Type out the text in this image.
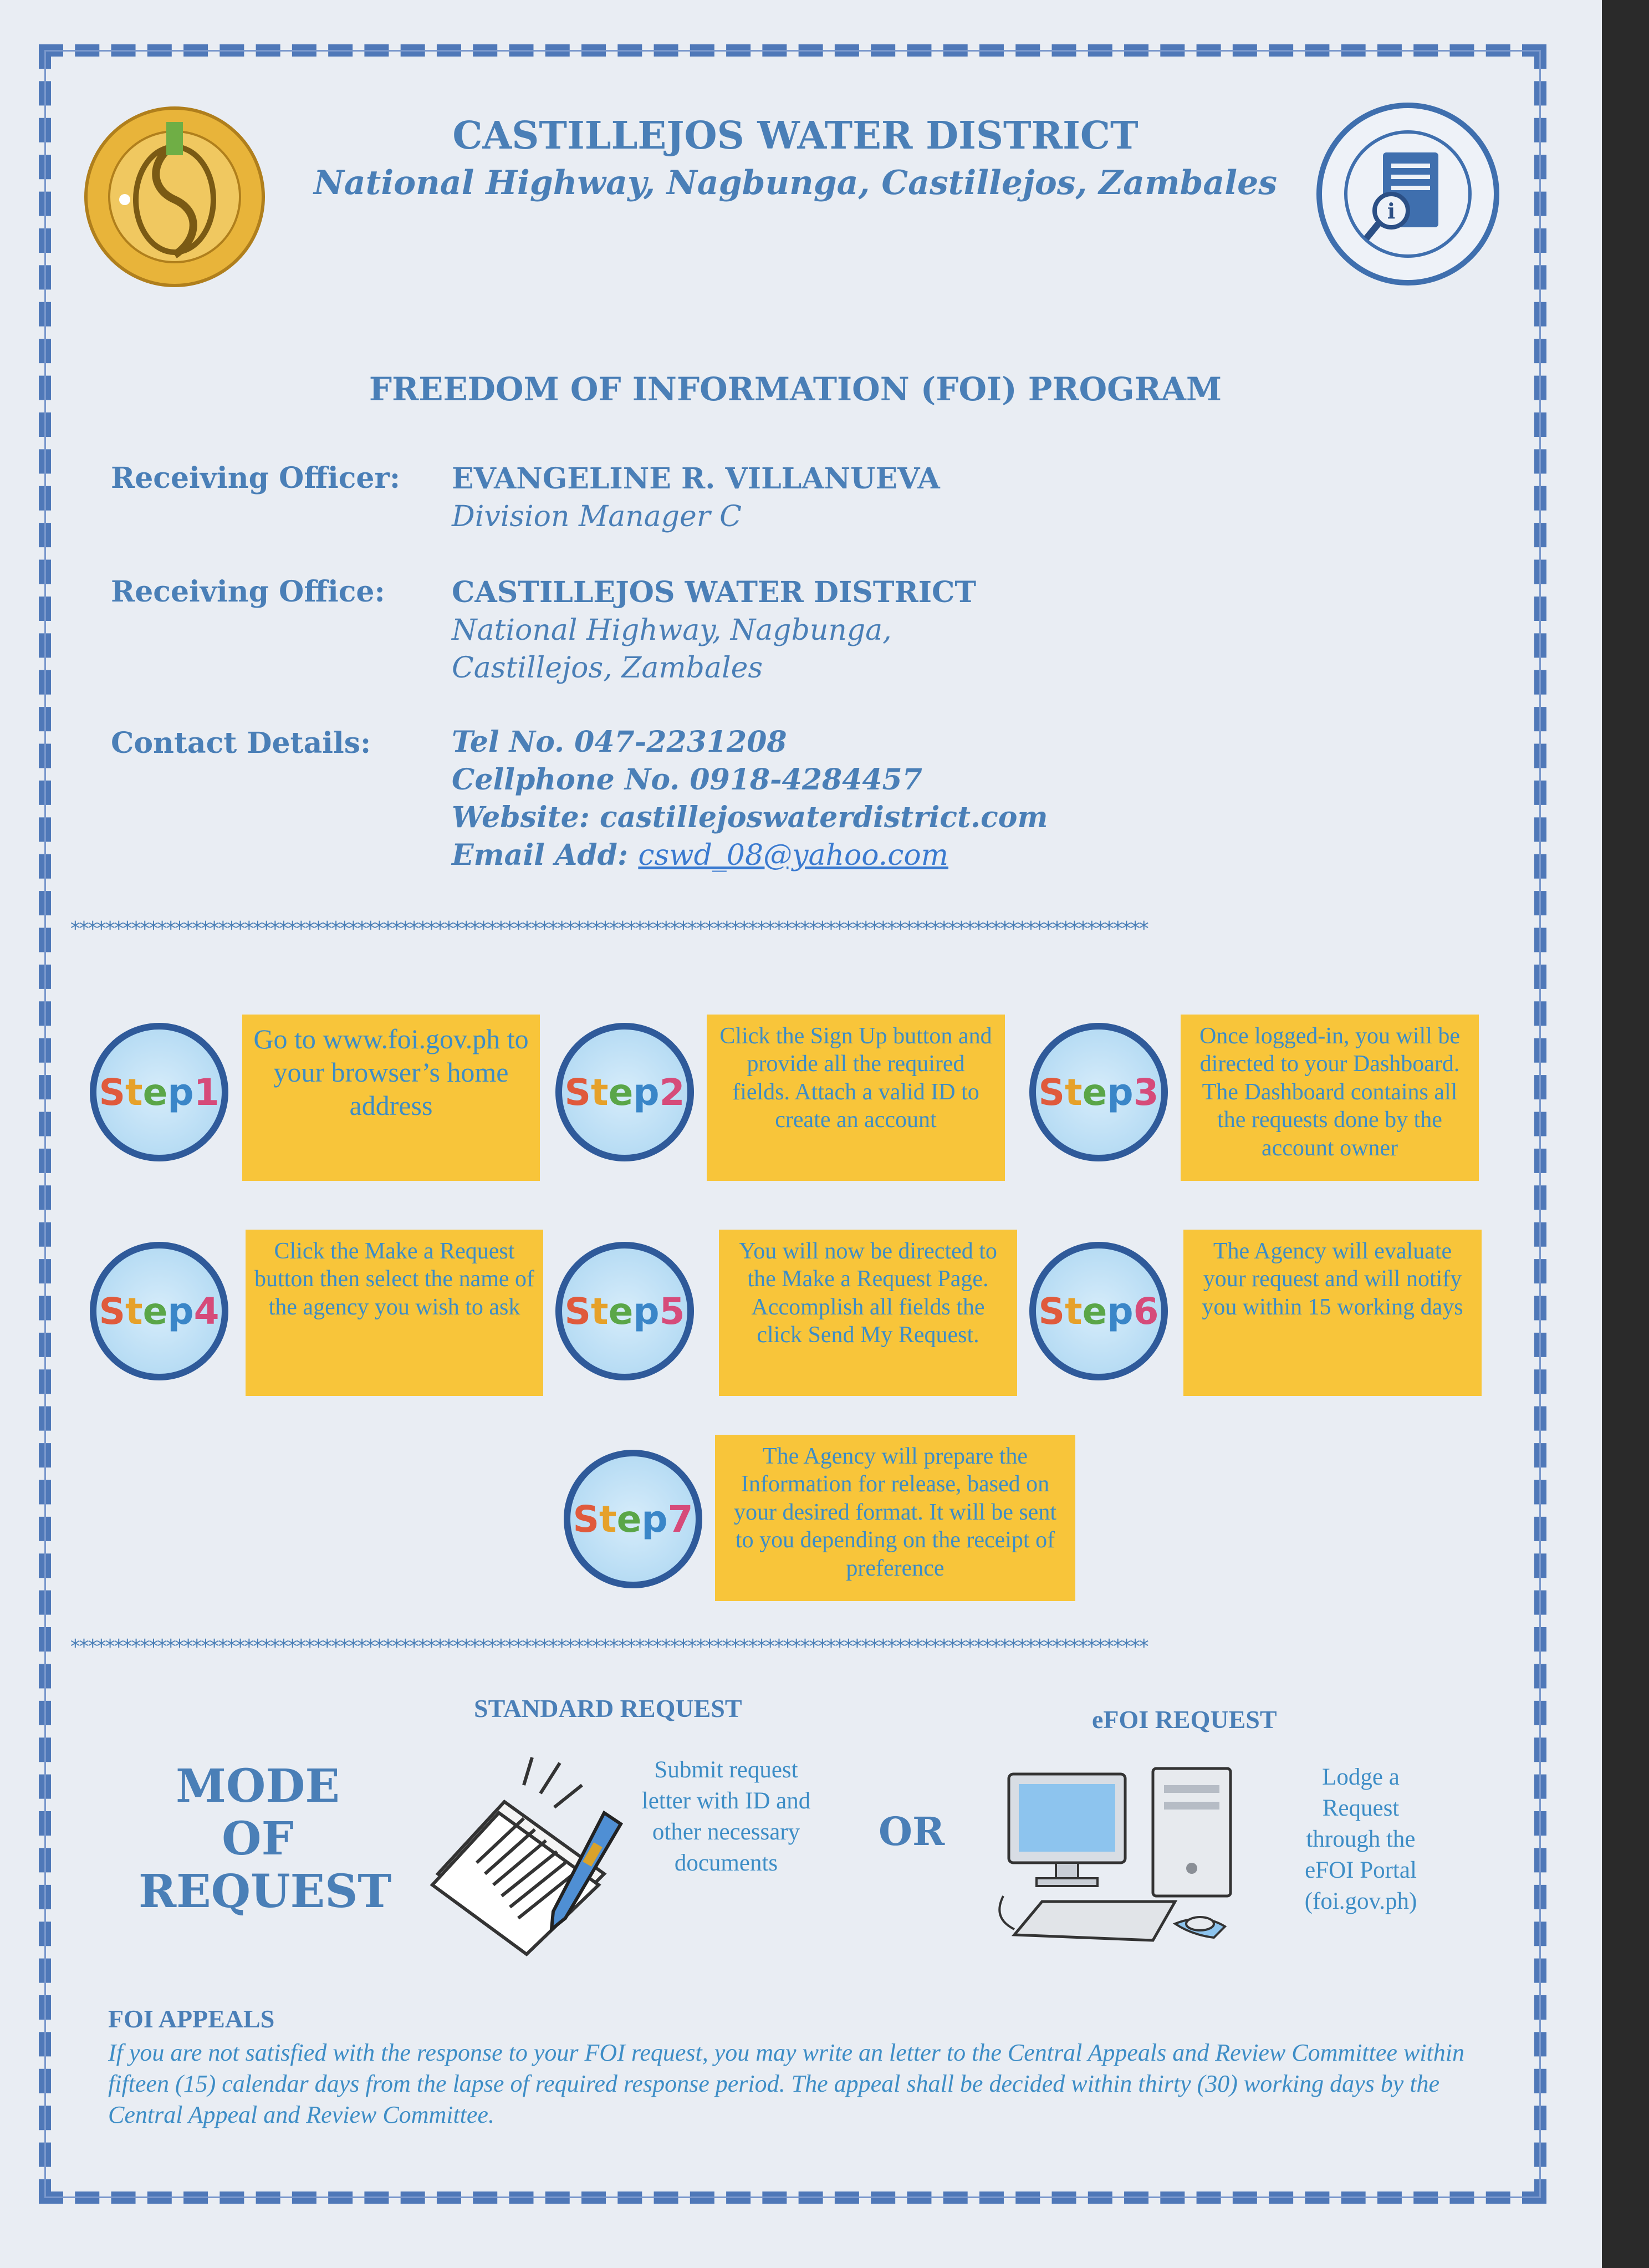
i
CASTILLEJOS WATER DISTRICT
National Highway, Nagbunga, Castillejos, Zambales
FREEDOM OF INFORMATION (FOI) PROGRAM
Receiving Officer: EVANGELINE R. VILLANUEVA
Division Manager C
Receiving Office: CASTILLEJOS WATER DISTRICT
National Highway, Nagbunga,
Castillejos, Zambales
Contact Details:	Tel No. 047-2231208
Cellphone No. 0918-4284457
Website: castillejoswaterdistrict.com
Email Add: cswd_08@yahoo.com
****************************************************************************************************************************
S t e p 1
Go to www.foi.gov.ph to your browser’s home address	S t e p 2
Click the Sign Up button and provide all the required fields. Attach a valid ID to create an account
S t e p 3
Once logged-in, you will be directed to your Dashboard. The Dashboard contains all the requests done by the account owner
S t e p 4
Click the Make a Request button then select the name of the agency you wish to ask	S t e p 5
You will now be directed to the Make a Request Page. Accomplish all fields the click Send My Request.
S t e p 6
The Agency will evaluate your request and will notify you within 15 working days
S t e p 7
The Agency will prepare the Information for release, based on your desired format. It will be sent to you depending on the receipt of preference
****************************************************************************************************************************
MODE
OF
REQUEST
STANDARD REQUEST
Submit request
letter with ID and
other necessary
documents
OR
eFOI REQUEST
Lodge a
Request
through the
eFOI Portal
(foi.gov.ph)
FOI APPEALS
If you are not satisfied with the response to your FOI request, you may write an letter to the Central Appeals and Review Committee within fifteen (15) calendar days from the lapse of required response period. The appeal shall be decided within thirty (30) working days by the Central Appeal and Review Committee.
